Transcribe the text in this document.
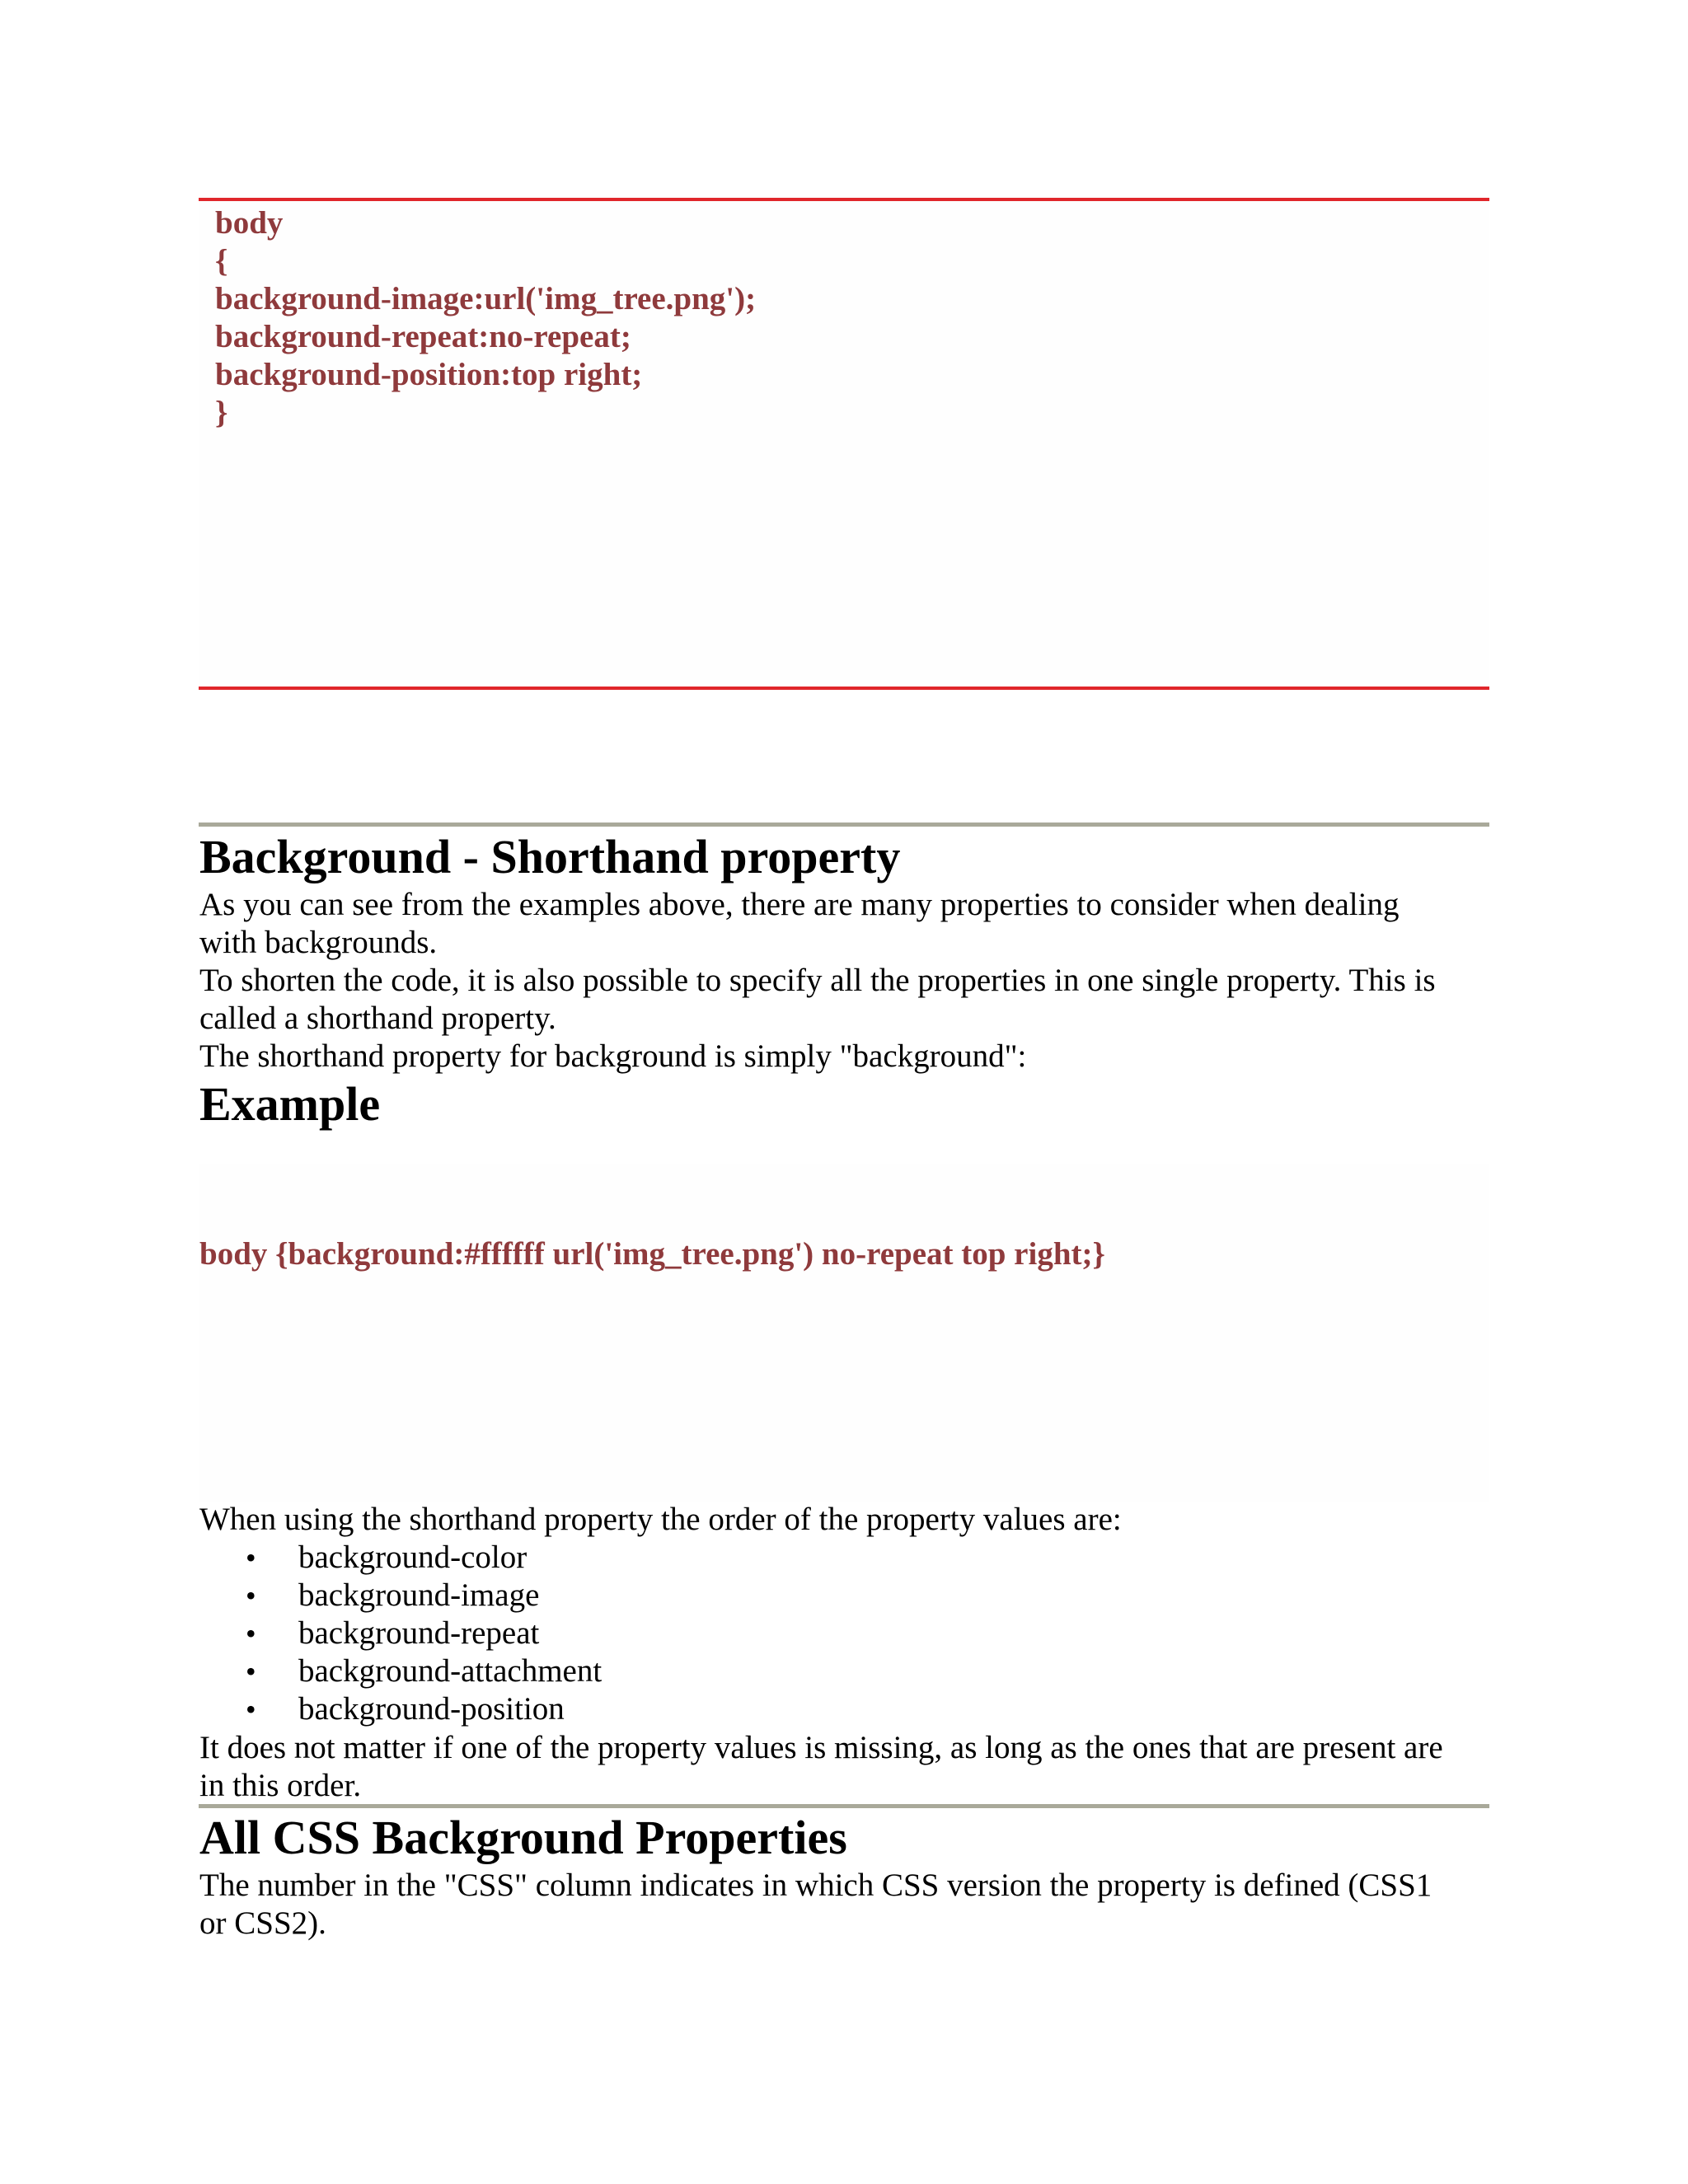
body
{
background-image:url('img_tree.png');
background-repeat:no-repeat;
background-position:top right;
}
Background - Shorthand property
As you can see from the examples above, there are many properties to consider when dealing
with backgrounds.
To shorten the code, it is also possible to specify all the properties in one single property. This is
called a shorthand property.
The shorthand property for background is simply "background":
Example
body {background:#ffffff url('img_tree.png') no-repeat top right;}
When using the shorthand property the order of the property values are:
• background-color
• background-image
• background-repeat
• background-attachment
• background-position
It does not matter if one of the property values is missing, as long as the ones that are present are
in this order.
All CSS Background Properties
The number in the "CSS" column indicates in which CSS version the property is defined (CSS1
or CSS2).
